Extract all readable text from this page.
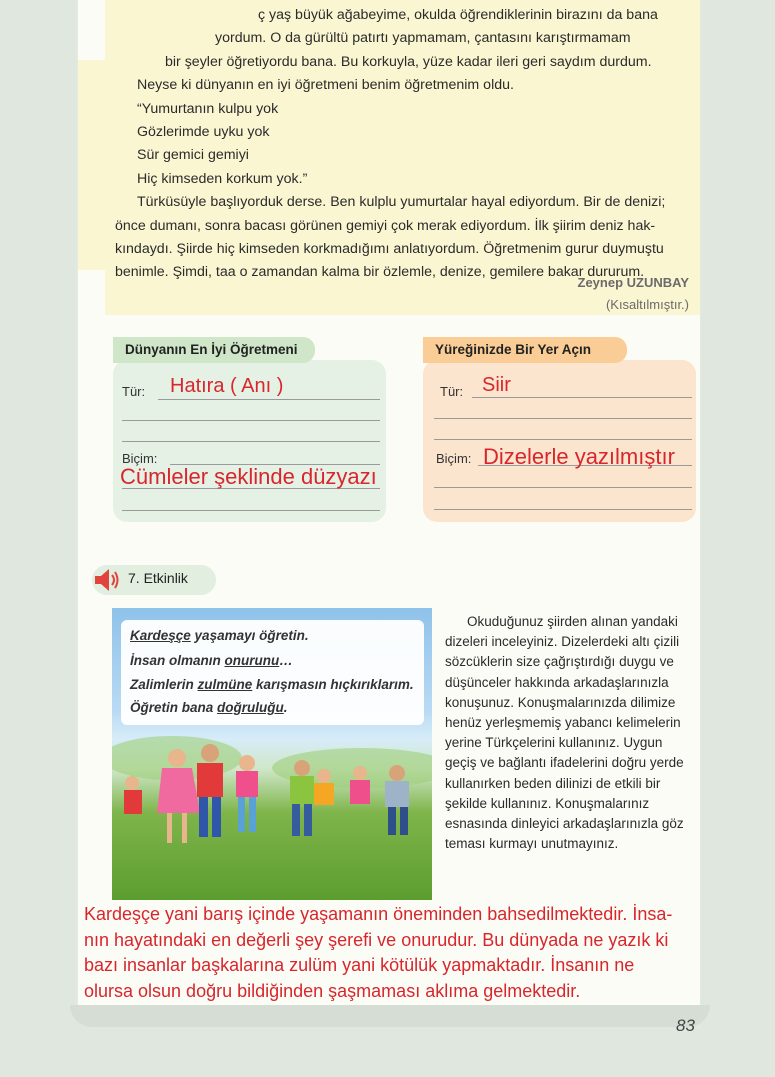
ç yaş büyük ağabeyime, okulda öğrendiklerinin birazını da bana

yordum. O da gürültü patırtı yapmamam, çantasını karıştırmamam

bir şeyler öğretiyordu bana. Bu korkuyla, yüze kadar ileri geri saydım durdum.

Neyse ki dünyanın en iyi öğretmeni benim öğretmenim oldu.

“Yumurtanın kulpu yok

Gözlerimde uyku yok

Sür gemici gemiyi

Hiç kimseden korkum yok.”

Türküsüyle başlıyorduk derse. Ben kulplu yumurtalar hayal ediyordum. Bir de denizi;

önce dumanı, sonra bacası görünen gemiyi çok merak ediyordum. İlk şiirim deniz hak-

kındaydı. Şiirde hiç kimseden korkmadığımı anlatıyordum. Öğretmenim gurur duymuştu

benimle. Şimdi, taa o zamandan kalma bir özlemle, denize, gemilere bakar dururum.

Zeynep UZUNBAY
(Kısaltılmıştır.)
Dünyanın En İyi Öğretmeni
Tür: Hatıra ( Anı )
Biçim:
Cümleler şeklinde düzyazı
Yüreğinizde Bir Yer Açın
Tür: Siir
Biçim: Dizelerle yazılmıştır
7. Etkinlik
Kardeşçe yaşamayı öğretin.
İnsan olmanın onurunu…
Zalimlerin zulmüne karışmasın hıçkırıklarım.
Öğretin bana doğruluğu.

Okuduğunuz şiirden alınan yandaki dizeleri inceleyiniz. Dizelerdeki altı çizili sözcüklerin size çağrıştırdığı duygu ve düşünceler hakkında arkadaşlarınızla konuşunuz. Konuşmalarınızda dilimize henüz yerleşmemiş yabancı kelimelerin yerine Türkçelerini kullanınız. Uygun geçiş ve bağlantı ifadelerini doğru yerde kullanırken beden dilinizi de etkili bir şekilde kullanınız. Konuşmalarınız esnasında dinleyici arkadaşlarınızla göz teması kurmayı unutmayınız.

Kardeşçe yani barış içinde yaşamanın öneminden bahsedilmektedir. İnsa-
nın hayatındaki en değerli şey şerefi ve onurudur. Bu dünyada ne yazık ki
bazı insanlar başkalarına zulüm yani kötülük yapmaktadır. İnsanın ne
olursa olsun doğru bildiğinden şaşmaması aklıma gelmektedir.
83
